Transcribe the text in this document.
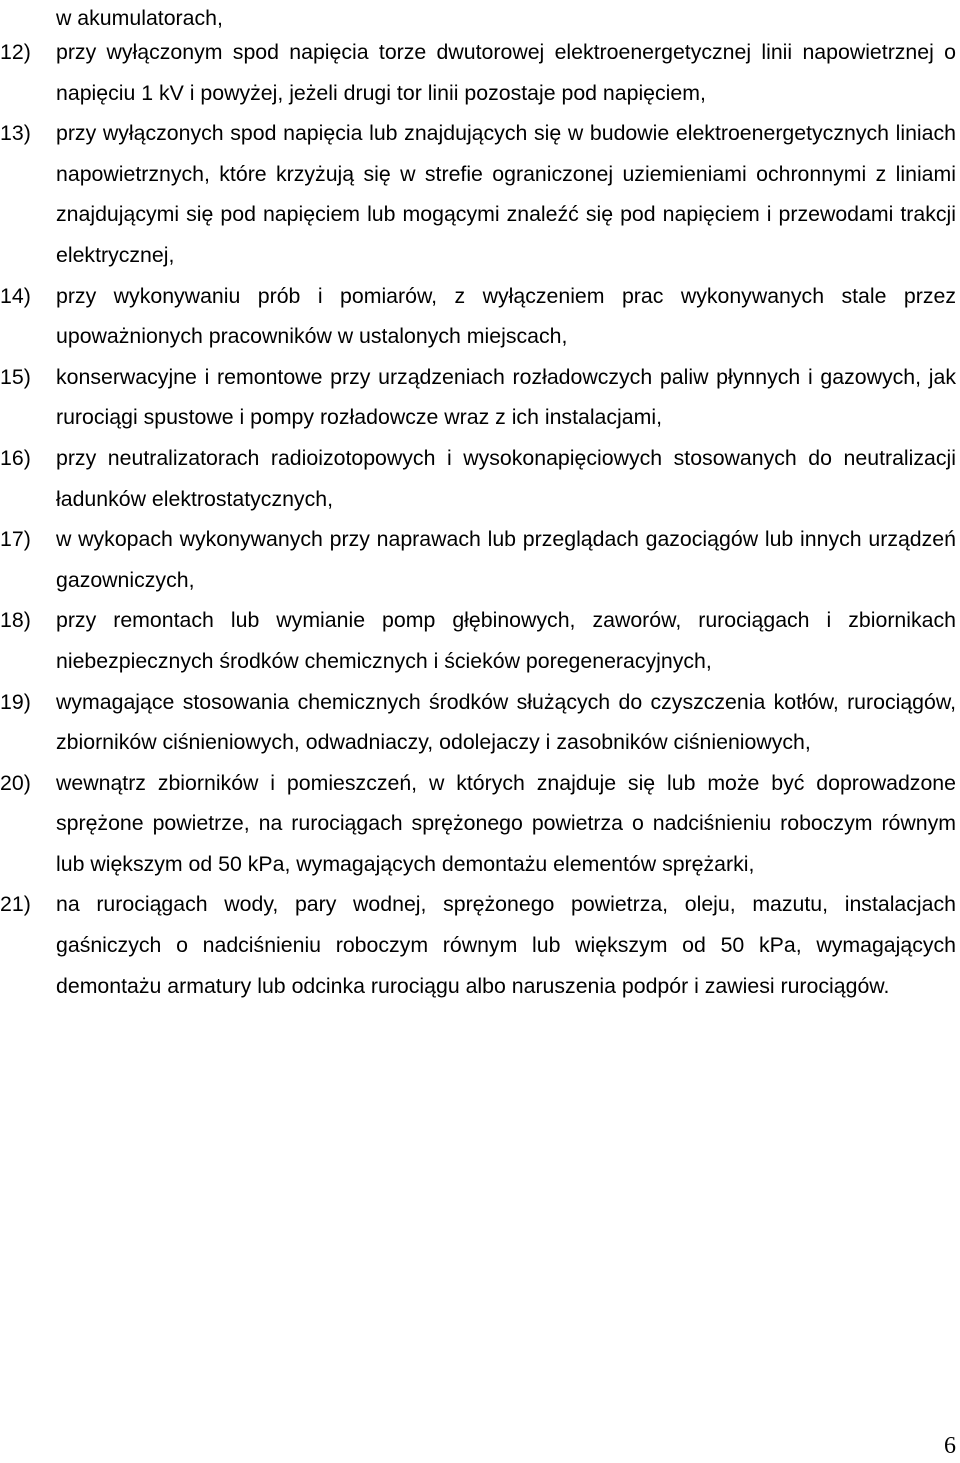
w akumulatorach,

12) przy wyłączonym spod napięcia torze dwutorowej elektroenergetycznej linii napowietrznej o napięciu 1 kV i powyżej, jeżeli drugi tor linii pozostaje pod napięciem,
13) przy wyłączonych spod napięcia lub znajdujących się w budowie elektroenergetycznych liniach napowietrznych, które krzyżują się w strefie ograniczonej uziemieniami ochronnymi z liniami znajdującymi się pod napięciem lub mogącymi znaleźć się pod napięciem i przewodami trakcji elektrycznej,
14) przy wykonywaniu prób i pomiarów, z wyłączeniem prac wykonywanych stale przez upoważnionych pracowników w ustalonych miejscach,
15) konserwacyjne i remontowe przy urządzeniach rozładowczych paliw płynnych i gazowych, jak rurociągi spustowe i pompy rozładowcze wraz z ich instalacjami,
16) przy neutralizatorach radioizotopowych i wysokonapięciowych stosowanych do neutralizacji ładunków elektrostatycznych,
17) w wykopach wykonywanych przy naprawach lub przeglądach gazociągów lub innych urządzeń gazowniczych,
18) przy remontach lub wymianie pomp głębinowych, zaworów, rurociągach i zbiornikach niebezpiecznych środków chemicznych i ścieków poregeneracyjnych,
19) wymagające stosowania chemicznych środków służących do czyszczenia kotłów, rurociągów, zbiorników ciśnieniowych, odwadniaczy, odolejaczy i zasobników ciśnieniowych,
20) wewnątrz zbiorników i pomieszczeń, w których znajduje się lub może być doprowadzone sprężone powietrze, na rurociągach sprężonego powietrza o nadciśnieniu roboczym równym lub większym od 50 kPa, wymagających demontażu elementów sprężarki,
21) na rurociągach wody, pary wodnej, sprężonego powietrza, oleju, mazutu, instalacjach gaśniczych o nadciśnieniu roboczym równym lub większym od 50 kPa, wymagających demontażu armatury lub odcinka rurociągu albo naruszenia podpór i zawiesi rurociągów.
6
